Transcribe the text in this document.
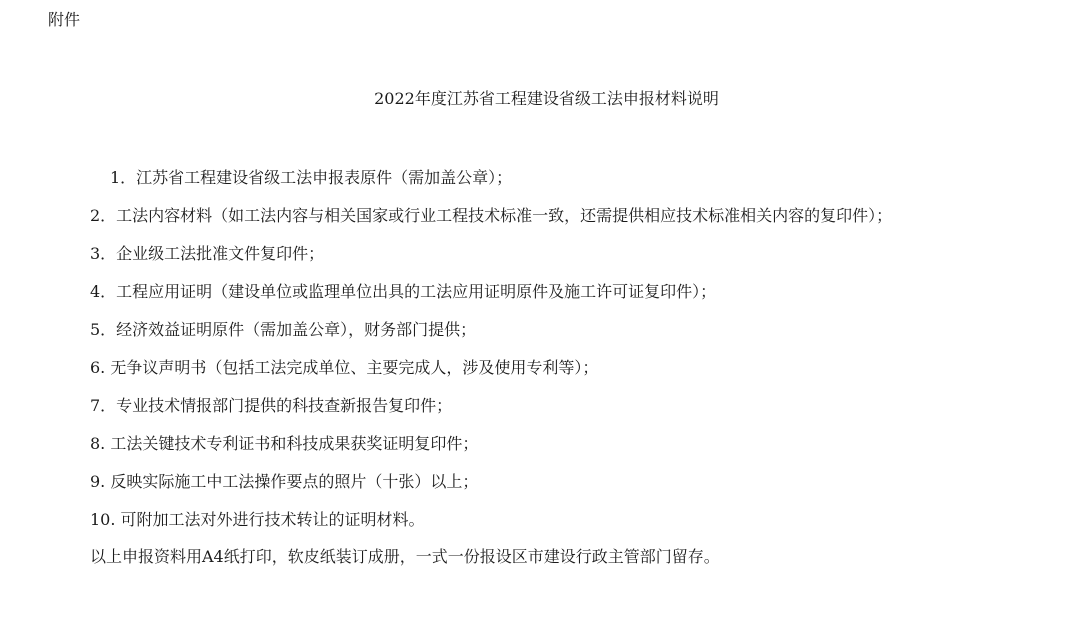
附件
2022年度江苏省工程建设省级工法申报材料说明
1．江苏省工程建设省级工法申报表原件（需加盖公章）；
2．工法内容材料（如工法内容与相关国家或行业工程技术标准一致，还需提供相应技术标准相关内容的复印件）；
3．企业级工法批准文件复印件；
4．工程应用证明（建设单位或监理单位出具的工法应用证明原件及施工许可证复印件）；
5．经济效益证明原件（需加盖公章），财务部门提供；
6. 无争议声明书（包括工法完成单位、主要完成人，涉及使用专利等）；
7．专业技术情报部门提供的科技查新报告复印件；
8. 工法关键技术专利证书和科技成果获奖证明复印件；
9. 反映实际施工中工法操作要点的照片（十张）以上；
10. 可附加工法对外进行技术转让的证明材料。
以上申报资料用A4纸打印，软皮纸装订成册，一式一份报设区市建设行政主管部门留存。
